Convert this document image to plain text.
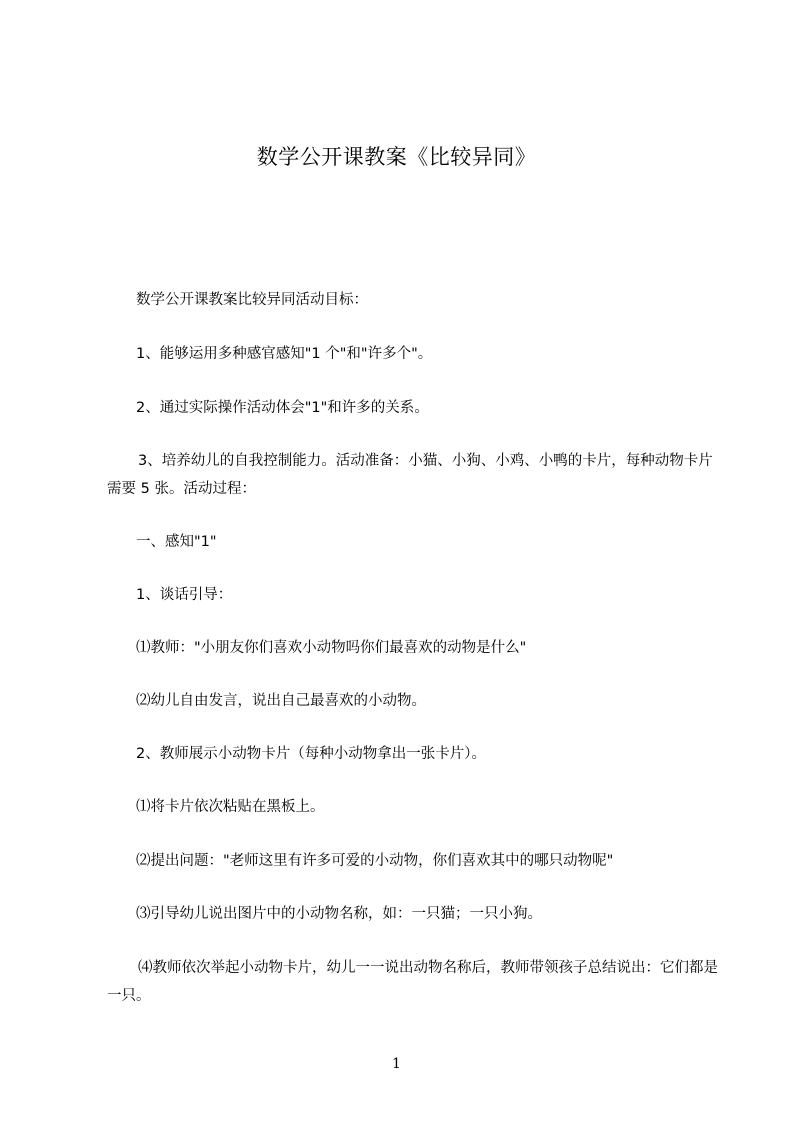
数学公开课教案《比较异同》

数学公开课教案比较异同活动目标：

1、能够运用多种感官感知"1 个"和"许多个"。

2、通过实际操作活动体会"1"和许多的关系。

3、培养幼儿的自我控制能力。活动准备：小猫、小狗、小鸡、小鸭的卡片，每种动物卡片需要 5 张。活动过程：

一、感知"1"

1、谈话引导：

⑴教师："小朋友你们喜欢小动物吗你们最喜欢的动物是什么"

⑵幼儿自由发言，说出自己最喜欢的小动物。

2、教师展示小动物卡片（每种小动物拿出一张卡片）。

⑴将卡片依次粘贴在黑板上。

⑵提出问题："老师这里有许多可爱的小动物，你们喜欢其中的哪只动物呢"

⑶引导幼儿说出图片中的小动物名称，如：一只猫；一只小狗。

⑷教师依次举起小动物卡片，幼儿一一说出动物名称后，教师带领孩子总结说出：它们都是一只。

1
